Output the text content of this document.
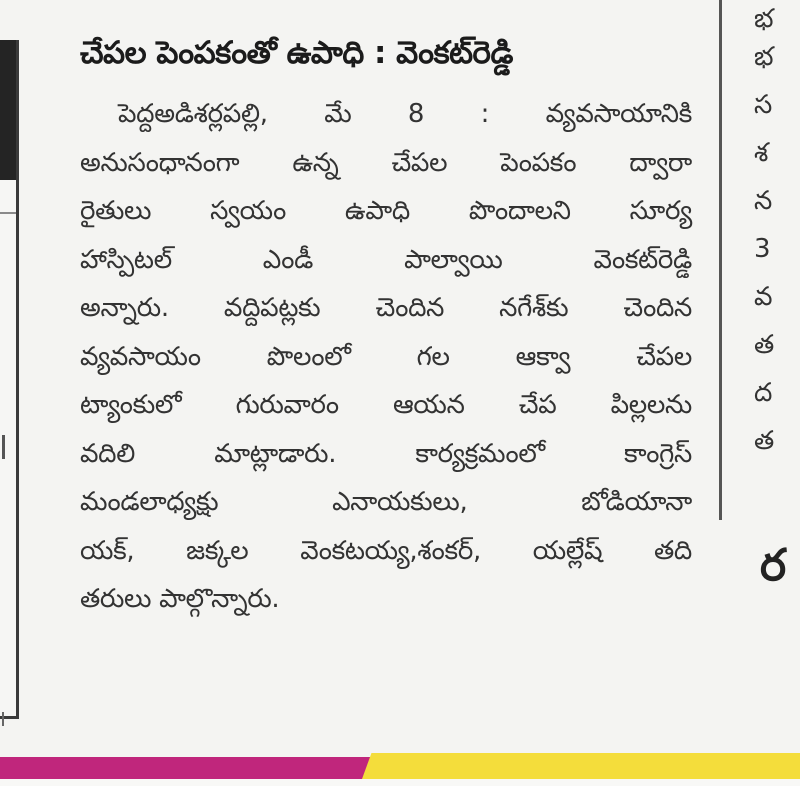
చేపల పెంపకంతో ఉపాధి : వెంకట్‌రెడ్డి
పెద్దఅడిశర్లపల్లి, మే 8 : వ్యవసాయానికి
అనుసంధానంగా ఉన్న చేపల పెంపకం ద్వారా
రైతులు స్వయం ఉపాధి పొందాలని సూర్య
హాస్పిటల్ ఎండీ పాల్వాయి వెంకట్‌రెడ్డి
అన్నారు. వద్దిపట్లకు చెందిన నగేశ్‌కు చెందిన
వ్యవసాయం పొలంలో గల ఆక్వా చేపల
ట్యాంకులో గురువారం ఆయన చేప పిల్లలను
వదిలి మాట్లాడారు. కార్యక్రమంలో కాంగ్రెస్
మండలాధ్యక్షు ఎనాయకులు, బోడియానా
యక్, జక్కల వెంకటయ్య,శంకర్, యల్లేష్ తది
తరులు పాల్గొన్నారు.
భ
భ
స
శ
న
3
వ
త
ద
త
ర
